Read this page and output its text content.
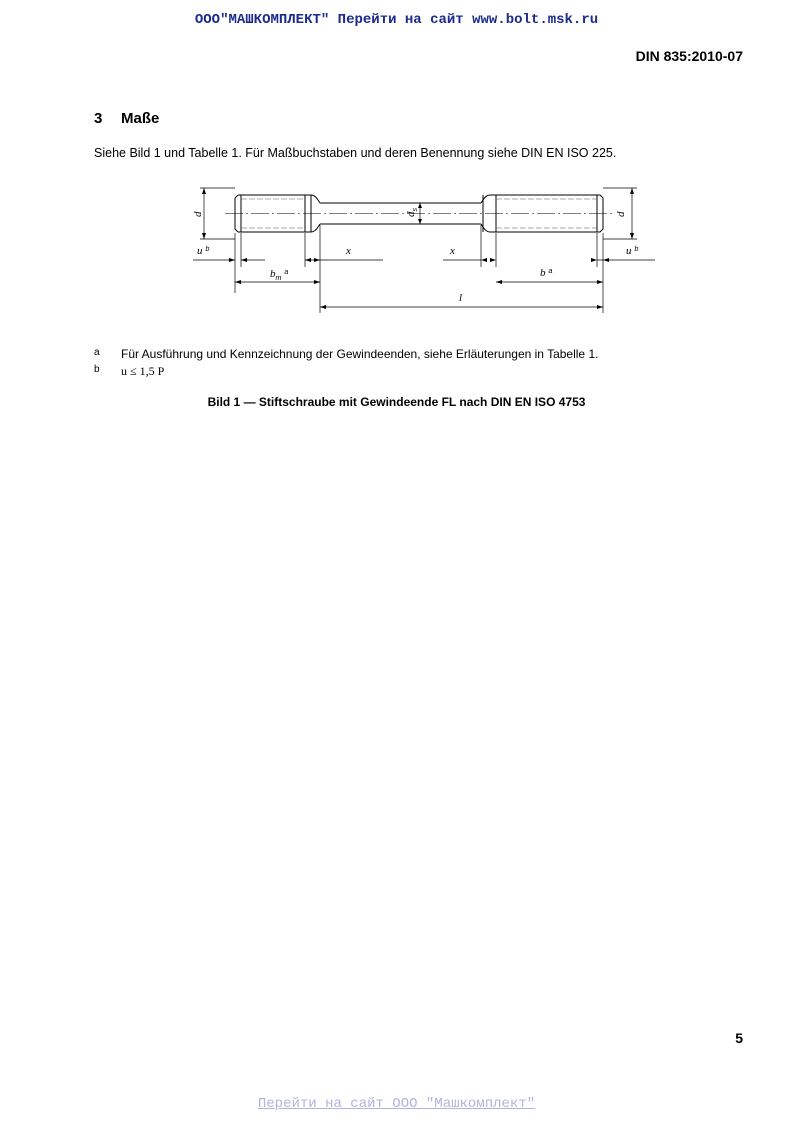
ООО"МАШКОМПЛЕКТ" Перейти на сайт www.bolt.msk.ru
DIN 835:2010-07
3 Maße
Siehe Bild 1 und Tabelle 1. Für Maßbuchstaben und deren Benennung siehe DIN EN ISO 225.
d	$d_s$
d
u $^b$	x	x	u $^b$
$b_m^a$	b $^a$
l
a Für Ausführung und Kennzeichnung der Gewindeenden, siehe Erläuterungen in Tabelle 1.
b u ≤ 1,5 P
Bild 1 — Stiftschraube mit Gewindeende FL nach DIN EN ISO 4753
5
Перейти на сайт ООО "Машкомплект"
